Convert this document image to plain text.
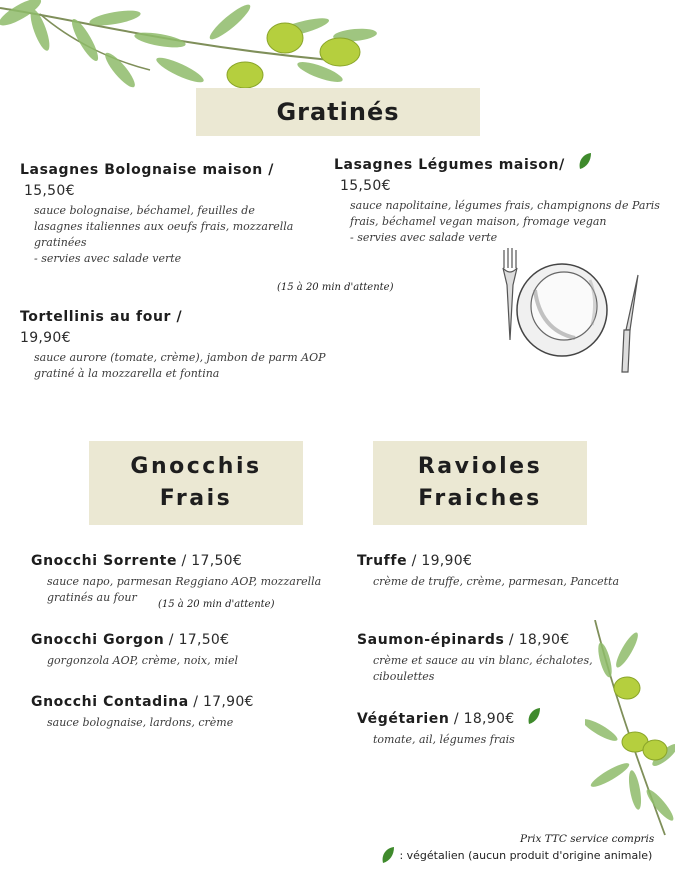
Gratinés
Lasagnes Bolognaise maison /
15,50€
sauce bolognaise, béchamel, feuilles de
lasagnes italiennes aux oeufs frais, mozzarella
gratinées
- servies avec salade verte
Lasagnes Légumes maison/
15,50€
sauce napolitaine, légumes frais, champignons de Paris
frais, béchamel vegan maison, fromage vegan
- servies avec salade verte
(15 à 20 min d'attente)
Tortellinis au four /
19,90€
sauce aurore (tomate, crème), jambon de parm AOP
gratiné à la mozzarella et fontina
Gnocchis
Frais
Ravioles
Fraiches
Gnocchi Sorrente / 17,50€
sauce napo, parmesan Reggiano AOP, mozzarella
gratinés au four
(15 à 20 min d'attente)
Gnocchi Gorgon / 17,50€
gorgonzola AOP, crème, noix, miel
Gnocchi Contadina / 17,90€
sauce bolognaise, lardons, crème
Truffe / 19,90€
crème de truffe, crème, parmesan, Pancetta
Saumon-épinards / 18,90€
crème et sauce au vin blanc, échalotes,
ciboulettes
Végétarien / 18,90€
tomate, ail, légumes frais
Prix TTC service compris
: végétalien (aucun produit d'origine animale)
